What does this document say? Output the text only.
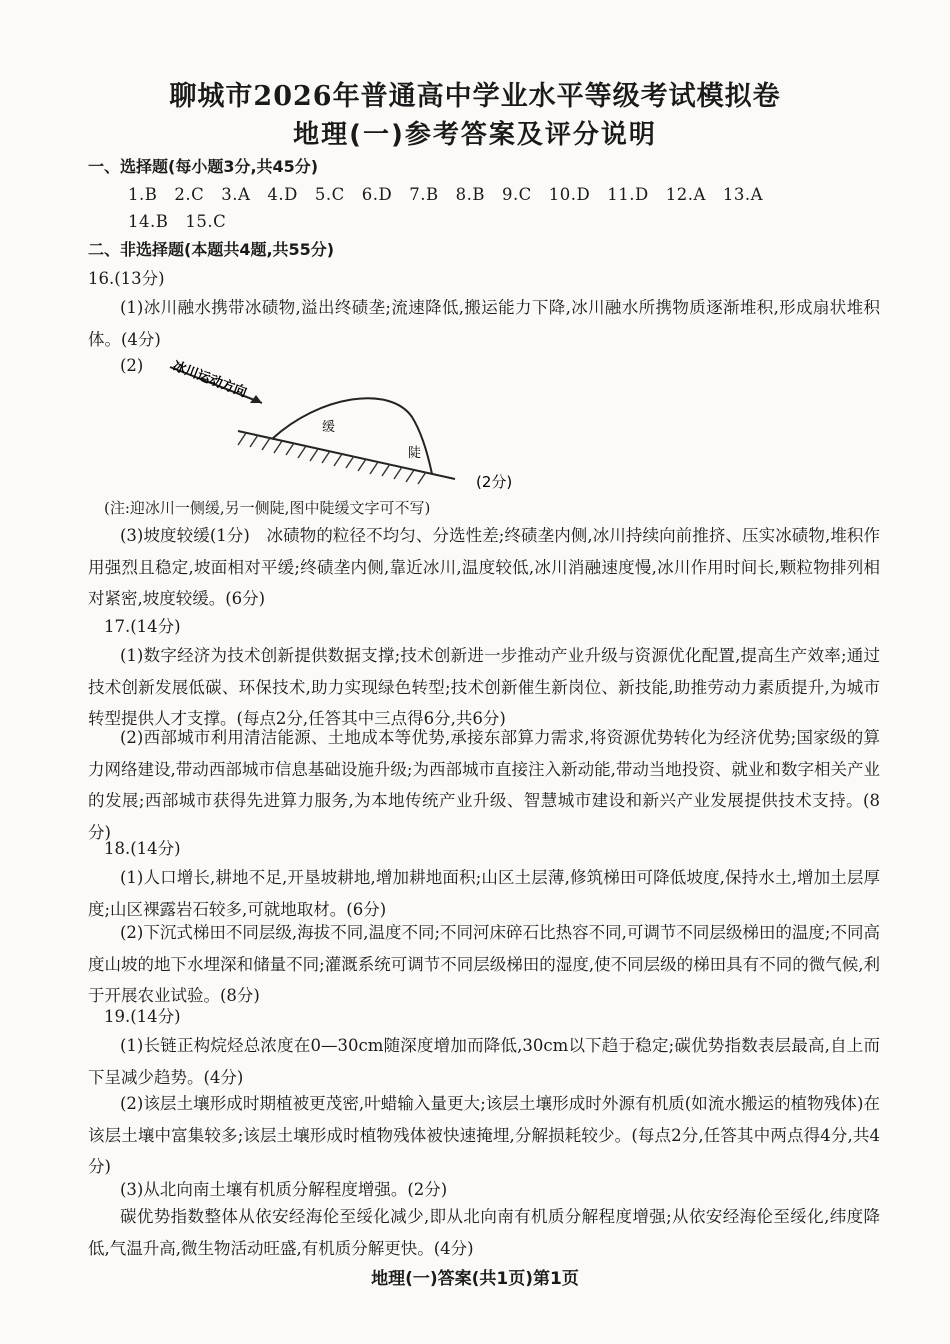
聊城市2026年普通高中学业水平等级考试模拟卷
地理(一)参考答案及评分说明
一、选择题(每小题3分,共45分)
1.B　2.C　3.A　4.D　5.C　6.D　7.B　8.B　9.C　10.D　11.D　12.A　13.A
14.B　15.C
二、非选择题(本题共4题,共55分)
16.(13分)
(1)冰川融水携带冰碛物,溢出终碛垄;流速降低,搬运能力下降,冰川融水所携物质逐渐堆积,形成扇状堆积体。(4分)
(2)	冰川运动方向
缓
陡
(2分)
(注:迎冰川一侧缓,另一侧陡,图中陡缓文字可不写)
(3)坡度较缓(1分)　冰碛物的粒径不均匀、分选性差;终碛垄内侧,冰川持续向前推挤、压实冰碛物,堆积作用强烈且稳定,坡面相对平缓;终碛垄内侧,靠近冰川,温度较低,冰川消融速度慢,冰川作用时间长,颗粒物排列相对紧密,坡度较缓。(6分)
17.(14分)
(1)数字经济为技术创新提供数据支撑;技术创新进一步推动产业升级与资源优化配置,提高生产效率;通过技术创新发展低碳、环保技术,助力实现绿色转型;技术创新催生新岗位、新技能,助推劳动力素质提升,为城市转型提供人才支撑。(每点2分,任答其中三点得6分,共6分)
(2)西部城市利用清洁能源、土地成本等优势,承接东部算力需求,将资源优势转化为经济优势;国家级的算力网络建设,带动西部城市信息基础设施升级;为西部城市直接注入新动能,带动当地投资、就业和数字相关产业的发展;西部城市获得先进算力服务,为本地传统产业升级、智慧城市建设和新兴产业发展提供技术支持。(8分)
18.(14分)
(1)人口增长,耕地不足,开垦坡耕地,增加耕地面积;山区土层薄,修筑梯田可降低坡度,保持水土,增加土层厚度;山区裸露岩石较多,可就地取材。(6分)
(2)下沉式梯田不同层级,海拔不同,温度不同;不同河床碎石比热容不同,可调节不同层级梯田的温度;不同高度山坡的地下水埋深和储量不同;灌溉系统可调节不同层级梯田的湿度,使不同层级的梯田具有不同的微气候,利于开展农业试验。(8分)
19.(14分)
(1)长链正构烷烃总浓度在0—30cm随深度增加而降低,30cm以下趋于稳定;碳优势指数表层最高,自上而下呈减少趋势。(4分)
(2)该层土壤形成时期植被更茂密,叶蜡输入量更大;该层土壤形成时外源有机质(如流水搬运的植物残体)在该层土壤中富集较多;该层土壤形成时植物残体被快速掩埋,分解损耗较少。(每点2分,任答其中两点得4分,共4分)
(3)从北向南土壤有机质分解程度增强。(2分)
碳优势指数整体从依安经海伦至绥化减少,即从北向南有机质分解程度增强;从依安经海伦至绥化,纬度降低,气温升高,微生物活动旺盛,有机质分解更快。(4分)
地理(一)答案(共1页)第1页
